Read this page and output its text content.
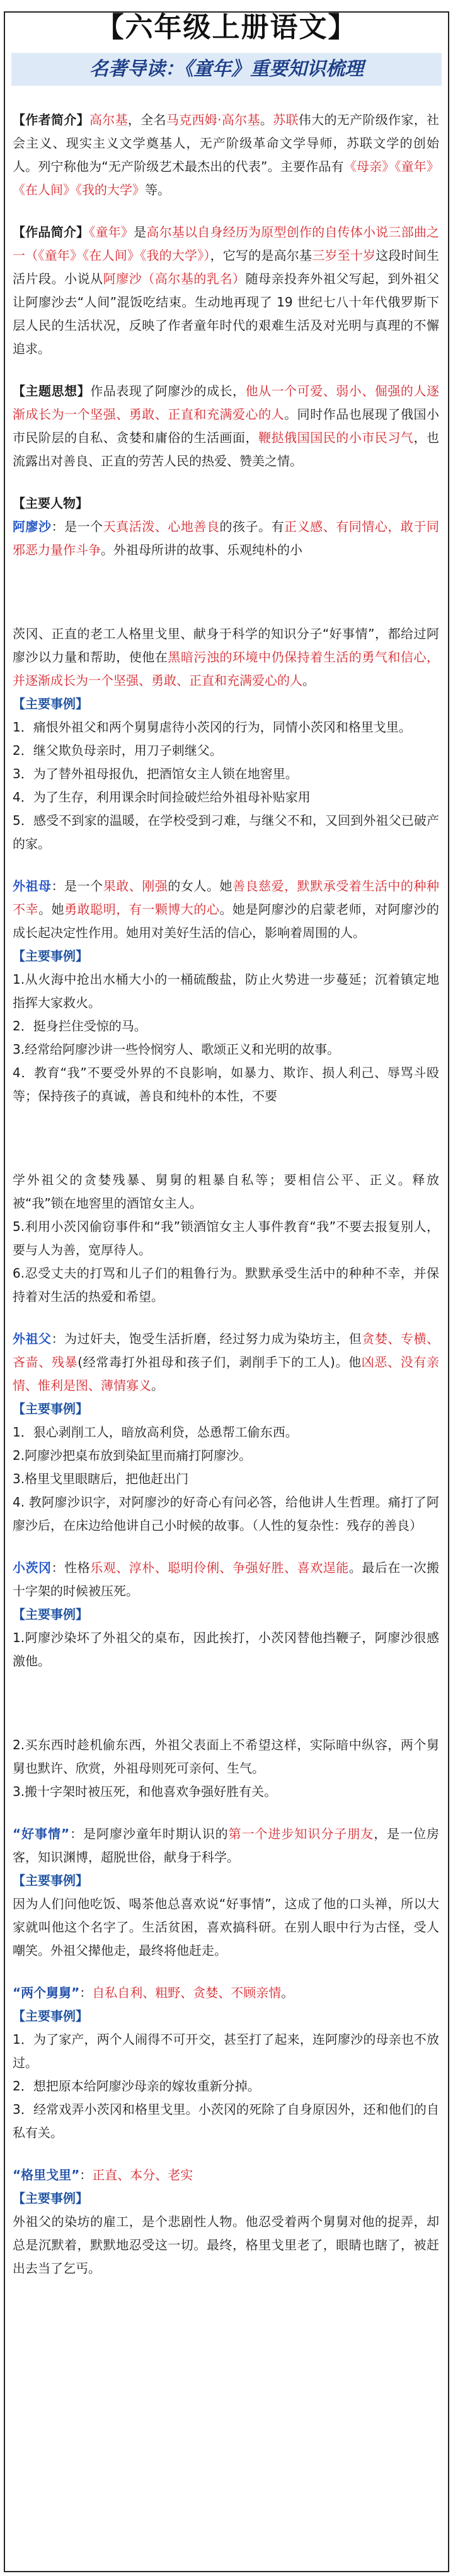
【六年级上册语文】
名著导读：《童年》重要知识梳理

【作者简介】高尔基，全名马克西姆·高尔基。苏联伟大的无产阶级作家，社会主义、现实主义文学奠基人，无产阶级革命文学导师，苏联文学的创始人。列宁称他为“无产阶级艺术最杰出的代表”。主要作品有《母亲》《童年》《在人间》《我的大学》等。

【作品简介】《童年》是高尔基以自身经历为原型创作的自传体小说三部曲之一（《童年》《在人间》《我的大学》），它写的是高尔基三岁至十岁这段时间生活片段。小说从阿廖沙（高尔基的乳名）随母亲投奔外祖父写起，到外祖父让阿廖沙去“人间”混饭吃结束。生动地再现了 19 世纪七八十年代俄罗斯下层人民的生活状况，反映了作者童年时代的艰难生活及对光明与真理的不懈追求。

【主题思想】作品表现了阿廖沙的成长，他从一个可爱、弱小、倔强的人逐渐成长为一个坚强、勇敢、正直和充满爱心的人。同时作品也展现了俄国小市民阶层的自私、贪婪和庸俗的生活画面，鞭挞俄国国民的小市民习气，也流露出对善良、正直的劳苦人民的热爱、赞美之情。

【主要人物】

阿廖沙：是一个天真活泼、心地善良的孩子。有正义感、有同情心，敢于同邪恶力量作斗争。外祖母所讲的故事、乐观纯朴的小

茨冈、正直的老工人格里戈里、献身于科学的知识分子“好事情”，都给过阿廖沙以力量和帮助，使他在黑暗污浊的环境中仍保持着生活的勇气和信心，并逐渐成长为一个坚强、勇敢、正直和充满爱心的人。

【主要事例】

1．痛恨外祖父和两个舅舅虐待小茨冈的行为，同情小茨冈和格里戈里。

2．继父欺负母亲时，用刀子刺继父。

3．为了替外祖母报仇，把酒馆女主人锁在地窖里。

4．为了生存，利用课余时间捡破烂给外祖母补贴家用

5．感受不到家的温暖，在学校受到刁难，与继父不和，又回到外祖父已破产的家。

外祖母：是一个果敢、刚强的女人。她善良慈爱，默默承受着生活中的种种不幸。她勇敢聪明，有一颗博大的心。她是阿廖沙的启蒙老师，对阿廖沙的成长起决定性作用。她用对美好生活的信心，影响着周围的人。

【主要事例】

1.从火海中抢出水桶大小的一桶硫酸盐，防止火势进一步蔓延；沉着镇定地指挥大家救火。

2．挺身拦住受惊的马。

3.经常给阿廖沙讲一些怜悯穷人、歌颂正义和光明的故事。

4．教育“我”不要受外界的不良影响，如暴力、欺诈、损人利己、辱骂斗殴等；保持孩子的真诚，善良和纯朴的本性，不要

学外祖父的贪婪残暴、舅舅的粗暴自私等；要相信公平、正义。释放被“我”锁在地窖里的酒馆女主人。

5.利用小茨冈偷窃事件和“我”锁酒馆女主人事件教育“我”不要去报复别人，要与人为善，宽厚待人。

6.忍受丈夫的打骂和儿子们的粗鲁行为。默默承受生活中的种种不幸，并保持着对生活的热爱和希望。

外祖父：为过奸夫，饱受生活折磨，经过努力成为染坊主，但贪婪、专横、吝啬、残暴(经常毒打外祖母和孩子们，剥削手下的工人)。他凶恶、没有亲情、惟利是图、薄情寡义。

【主要事例】

1．狠心剥削工人，暗放高利贷，怂恿帮工偷东西。

2.阿廖沙把桌布放到染缸里而痛打阿廖沙。

3.格里戈里眼瞎后，把他赶出门

4. 教阿廖沙识字，对阿廖沙的好奇心有问必答，给他讲人生哲理。痛打了阿廖沙后，在床边给他讲自己小时候的故事。（人性的复杂性：残存的善良）

小茨冈：性格乐观、淳朴、聪明伶俐、争强好胜、喜欢逞能。最后在一次搬十字架的时候被压死。

【主要事例】

1.阿廖沙染坏了外祖父的桌布，因此挨打，小茨冈替他挡鞭子，阿廖沙很感激他。

2.买东西时趁机偷东西，外祖父表面上不希望这样，实际暗中纵容，两个舅舅也默许、欣赏，外祖母则死可亲何、生气。

3.搬十字架时被压死，和他喜欢争强好胜有关。

“好事情”：是阿廖沙童年时期认识的第一个进步知识分子朋友，是一位房客，知识渊博，超脱世俗，献身于科学。

【主要事例】

因为人们问他吃饭、喝茶他总喜欢说“好事情”，这成了他的口头禅，所以大家就叫他这个名字了。生活贫困，喜欢搞科研。在别人眼中行为古怪，受人嘲笑。外祖父撵他走，最终将他赶走。

“两个舅舅”：自私自利、粗野、贪婪、不顾亲情。

【主要事例】

1．为了家产，两个人闹得不可开交，甚至打了起来，连阿廖沙的母亲也不放过。

2．想把原本给阿廖沙母亲的嫁妆重新分掉。

3．经常戏弄小茨冈和格里戈里。小茨冈的死除了自身原因外，还和他们的自私有关。

“格里戈里”：正直、本分、老实

【主要事例】

外祖父的染坊的雇工，是个悲剧性人物。他忍受着两个舅舅对他的捉弄，却总是沉默着，默默地忍受这一切。最终，格里戈里老了，眼睛也瞎了，被赶出去当了乞丐。
